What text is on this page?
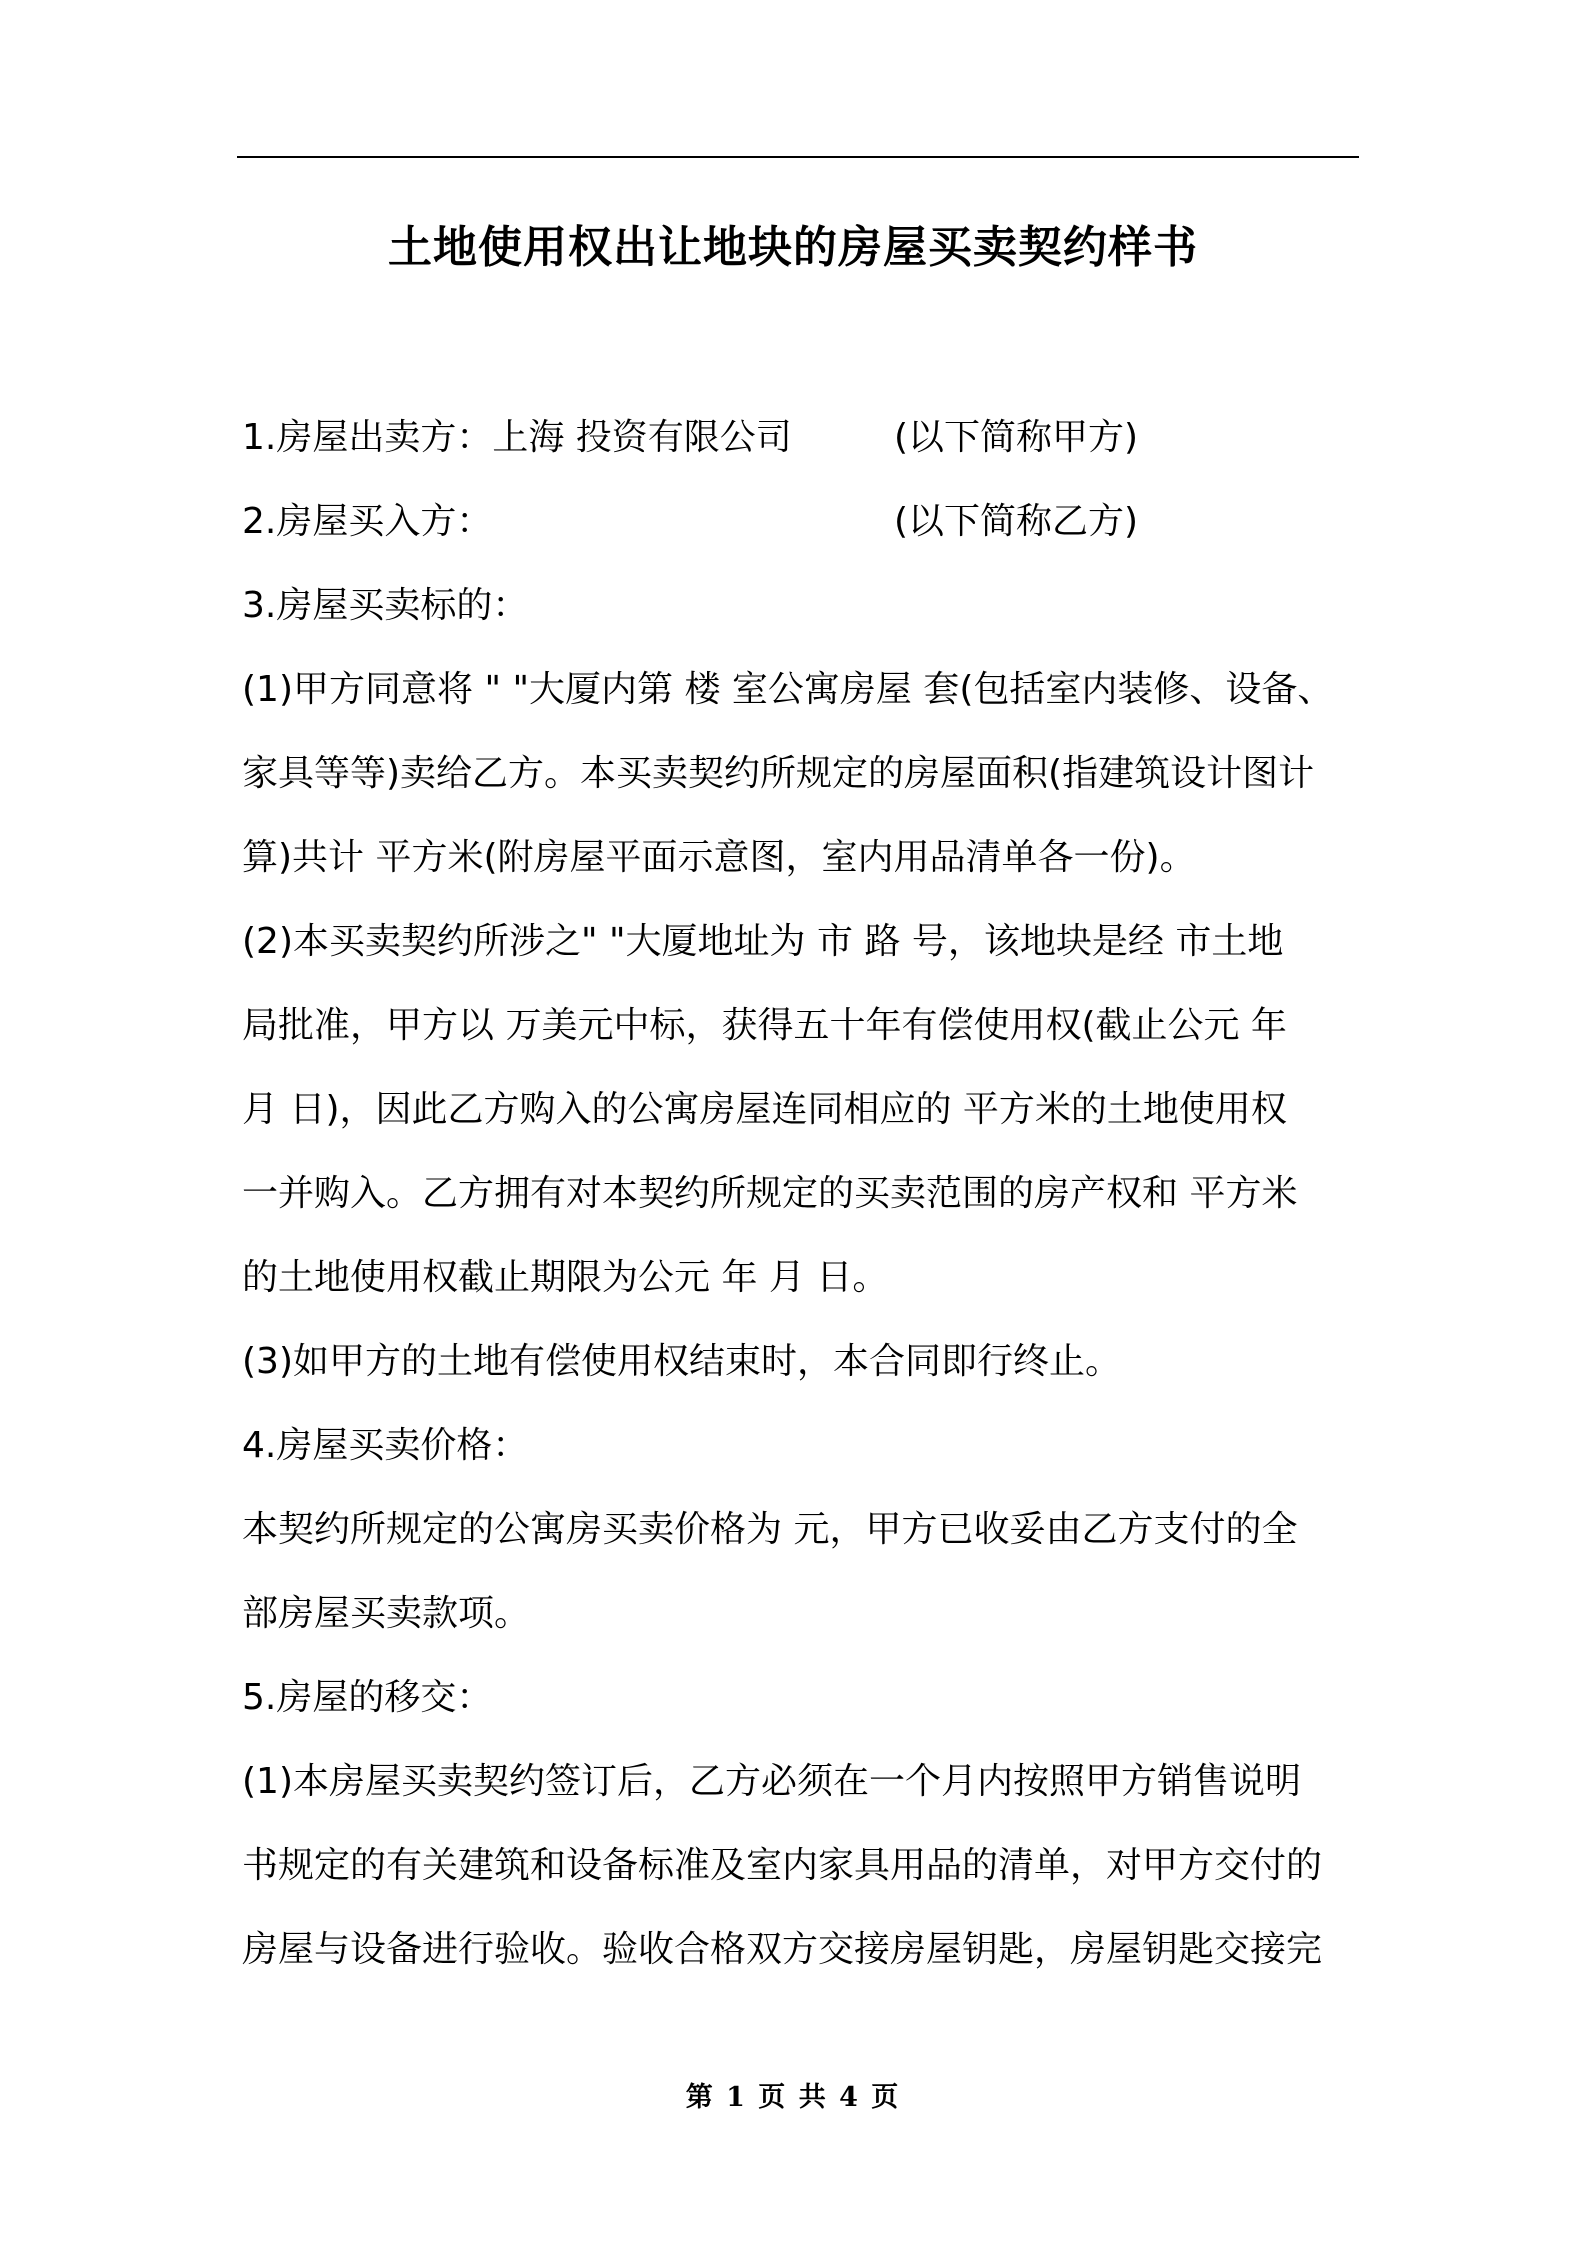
土地使用权出让地块的房屋买卖契约样书
1.房屋出卖方：上海 投资有限公司	(以下简称甲方)
2.房屋买入方：	(以下简称乙方)
3.房屋买卖标的：
(1)甲方同意将 " "大厦内第 楼 室公寓房屋 套(包括室内装修、设备、
家具等等)卖给乙方。本买卖契约所规定的房屋面积(指建筑设计图计
算)共计 平方米(附房屋平面示意图，室内用品清单各一份)。
(2)本买卖契约所涉之" "大厦地址为 市 路 号，该地块是经 市土地
局批准，甲方以 万美元中标，获得五十年有偿使用权(截止公元 年
月 日)，因此乙方购入的公寓房屋连同相应的 平方米的土地使用权
一并购入。乙方拥有对本契约所规定的买卖范围的房产权和 平方米
的土地使用权截止期限为公元 年 月 日。
(3)如甲方的土地有偿使用权结束时，本合同即行终止。
4.房屋买卖价格：
本契约所规定的公寓房买卖价格为 元，甲方已收妥由乙方支付的全
部房屋买卖款项。
5.房屋的移交：
(1)本房屋买卖契约签订后，乙方必须在一个月内按照甲方销售说明
书规定的有关建筑和设备标准及室内家具用品的清单，对甲方交付的
房屋与设备进行验收。验收合格双方交接房屋钥匙，房屋钥匙交接完
第 1 页 共 4 页
